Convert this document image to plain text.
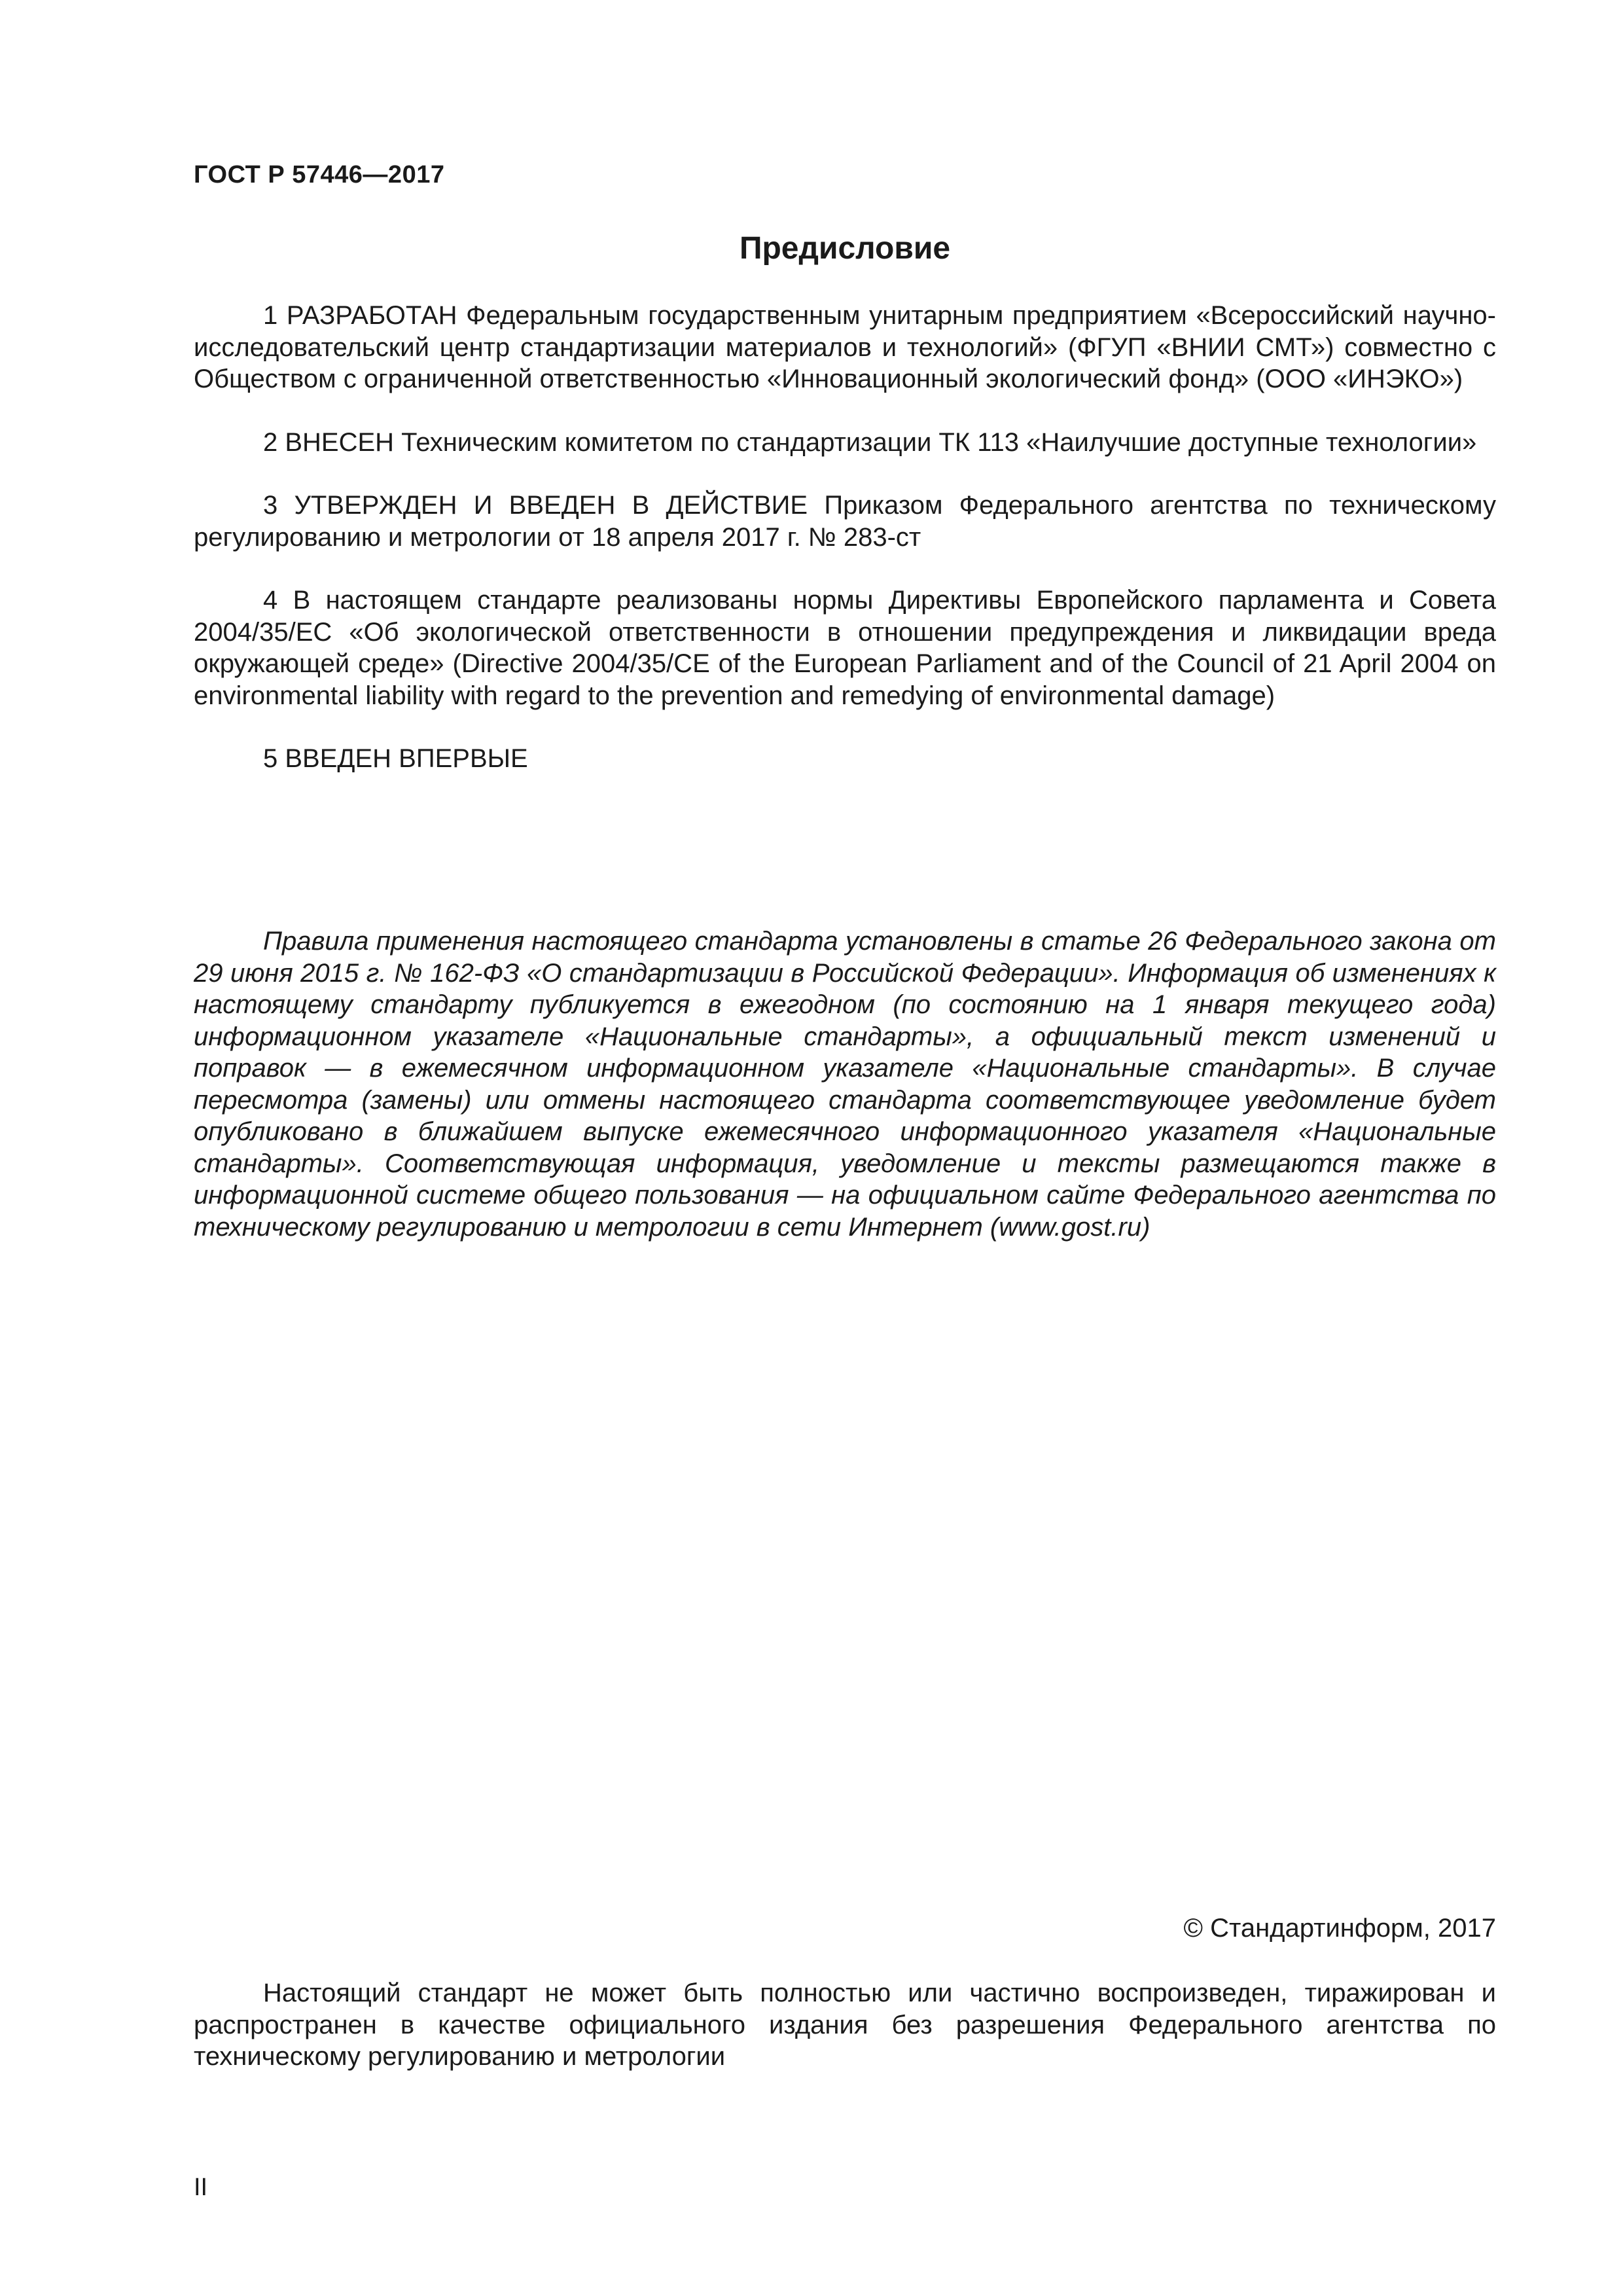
ГОСТ Р 57446—2017
Предисловие

1 РАЗРАБОТАН Федеральным государственным унитарным предприятием «Всероссийский научно-исследовательский центр стандартизации материалов и технологий» (ФГУП «ВНИИ СМТ») совместно с Обществом с ограниченной ответственностью «Инновационный экологический фонд» (ООО «ИНЭКО»)

2 ВНЕСЕН Техническим комитетом по стандартизации ТК 113 «Наилучшие доступные технологии»

3 УТВЕРЖДЕН И ВВЕДЕН В ДЕЙСТВИЕ Приказом Федерального агентства по техническому регулированию и метрологии от 18 апреля 2017 г. № 283-ст

4 В настоящем стандарте реализованы нормы Директивы Европейского парламента и Совета 2004/35/ЕС «Об экологической ответственности в отношении предупреждения и ликвидации вреда окружающей среде» (Directive 2004/35/CE of the European Parliament and of the Council of 21 April 2004 on environmental liability with regard to the prevention and remedying of environmental damage)

5 ВВЕДЕН ВПЕРВЫЕ

Правила применения настоящего стандарта установлены в статье 26 Федерального закона от 29 июня 2015 г. № 162-ФЗ «О стандартизации в Российской Федерации». Информация об изменениях к настоящему стандарту публикуется в ежегодном (по состоянию на 1 января текущего года) информационном указателе «Национальные стандарты», а официальный текст изменений и поправок — в ежемесячном информационном указателе «Национальные стандарты». В случае пересмотра (замены) или отмены настоящего стандарта соответствующее уведомление будет опубликовано в ближайшем выпуске ежемесячного информационного указателя «Национальные стандарты». Соответствующая информация, уведомление и тексты размещаются также в информационной системе общего пользования — на официальном сайте Федерального агентства по техническому регулированию и метрологии в сети Интернет (www.gost.ru)

© Стандартинформ, 2017

Настоящий стандарт не может быть полностью или частично воспроизведен, тиражирован и распространен в качестве официального издания без разрешения Федерального агентства по техническому регулированию и метрологии

II
